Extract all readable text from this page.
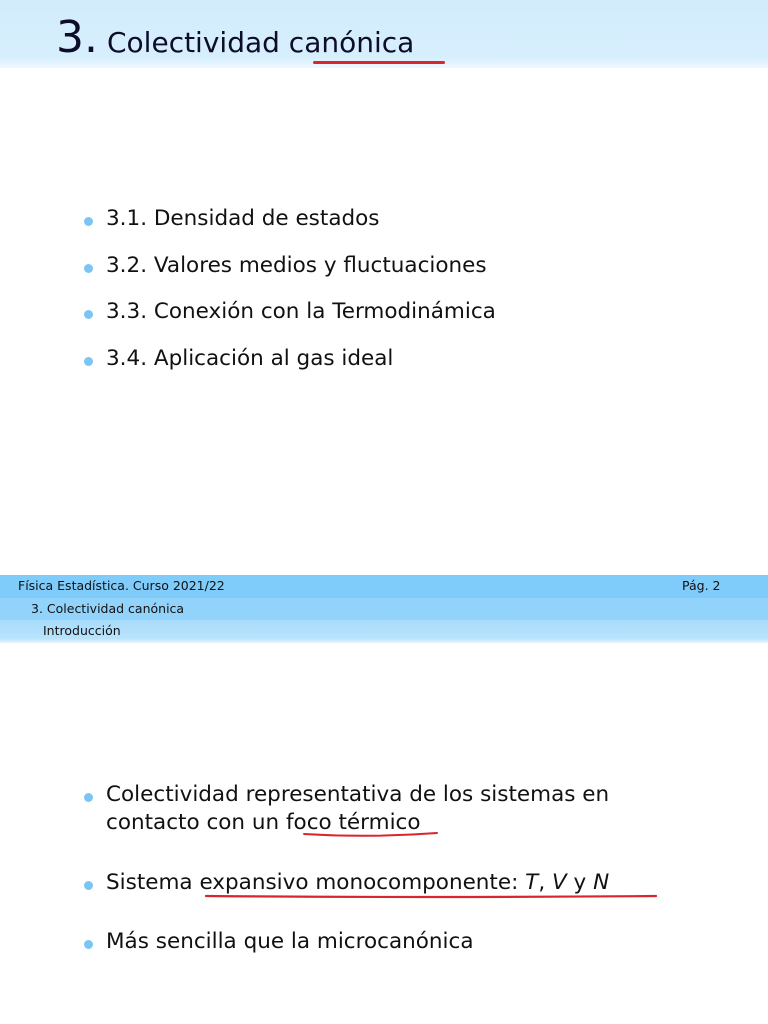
3. Colectividad canónica
3.1. Densidad de estados
3.2. Valores medios y fluctuaciones
3.3. Conexión con la Termodinámica
3.4. Aplicación al gas ideal
Física Estadística. Curso 2021/22	Pág. 2
3. Colectividad canónica
Introducción
Colectividad representativa de los sistemas en
contacto con un foco térmico
Sistema expansivo monocomponente: T, V y N
Más sencilla que la microcanónica
